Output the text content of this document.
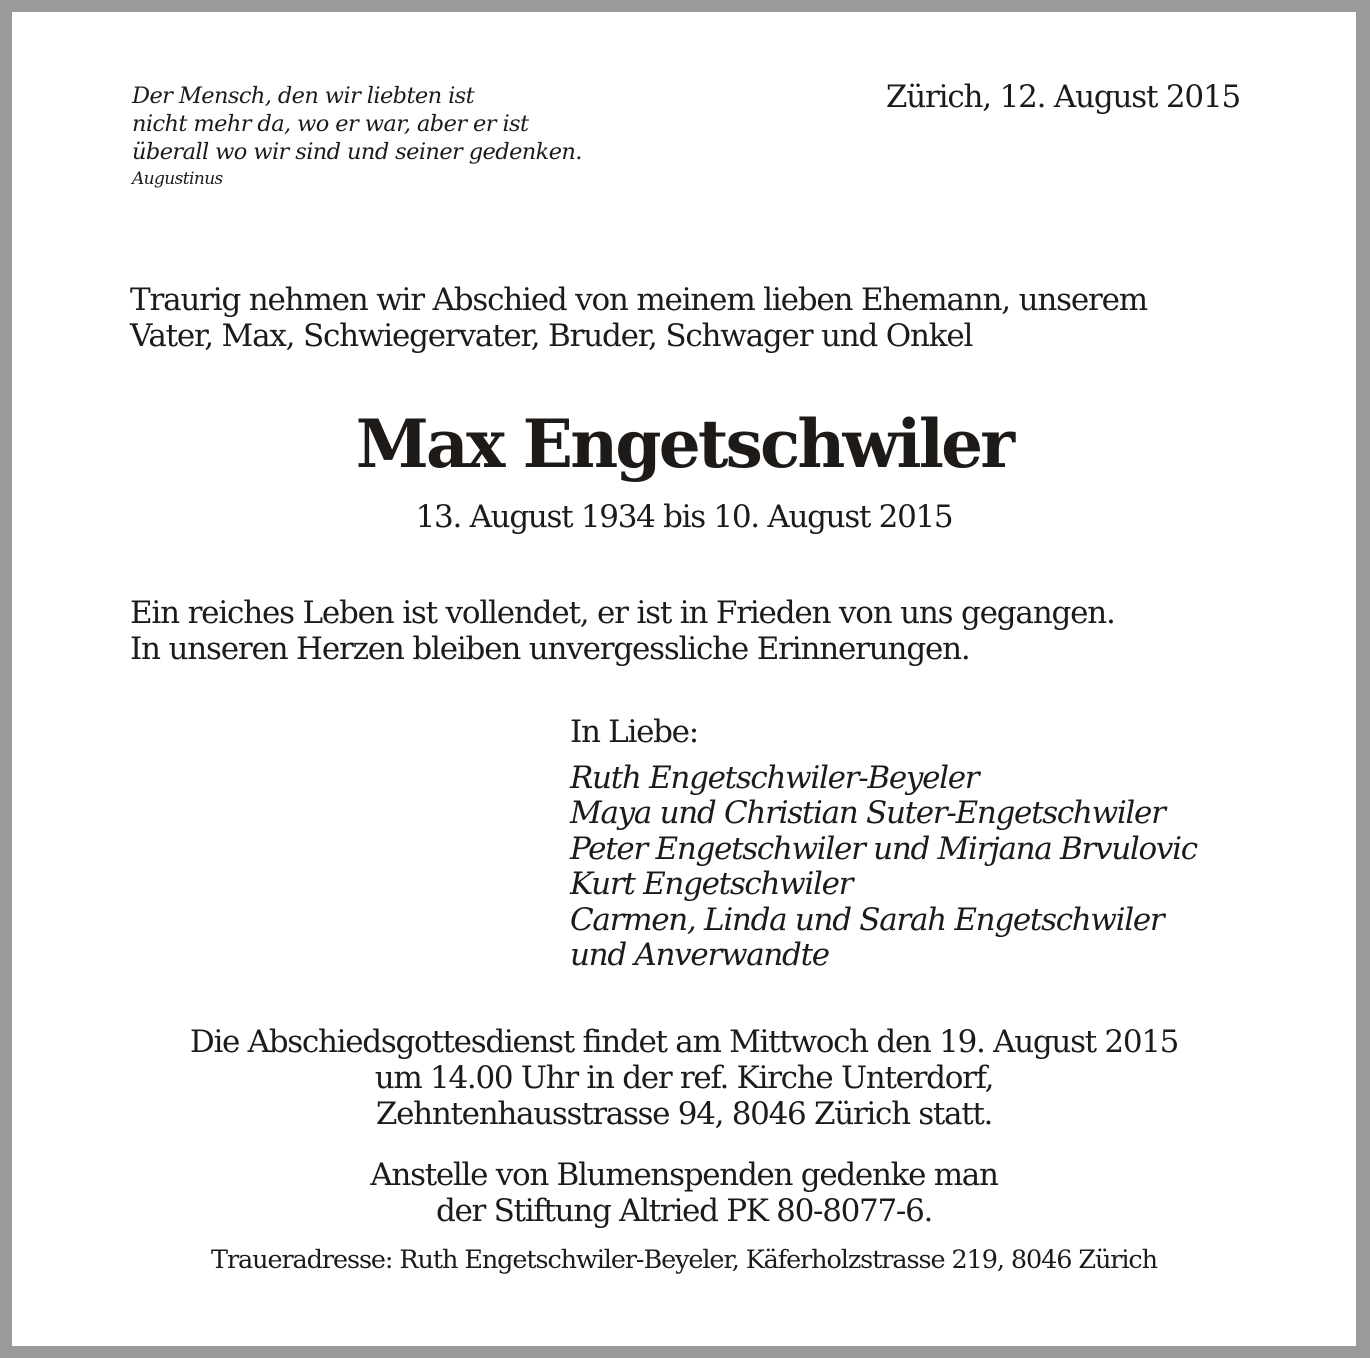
Der Mensch, den wir liebten ist
nicht mehr da, wo er war, aber er ist
überall wo wir sind und seiner gedenken.
Augustinus
Zürich, 12. August 2015
Traurig nehmen wir Abschied von meinem lieben Ehemann, unserem
Vater, Max, Schwiegervater, Bruder, Schwager und Onkel
Max Engetschwiler
13. August 1934 bis 10. August 2015
Ein reiches Leben ist vollendet, er ist in Frieden von uns gegangen.
In unseren Herzen bleiben unvergessliche Erinnerungen.
In Liebe:
Ruth Engetschwiler-Beyeler
Maya und Christian Suter-Engetschwiler
Peter Engetschwiler und Mirjana Brvulovic
Kurt Engetschwiler
Carmen, Linda und Sarah Engetschwiler
und Anverwandte
Die Abschiedsgottesdienst findet am Mittwoch den 19. August 2015
um 14.00 Uhr in der ref. Kirche Unterdorf,
Zehntenhausstrasse 94, 8046 Zürich statt.
Anstelle von Blumenspenden gedenke man
der Stiftung Altried PK 80-8077-6.
Traueradresse: Ruth Engetschwiler-Beyeler, Käferholzstrasse 219, 8046 Zürich
